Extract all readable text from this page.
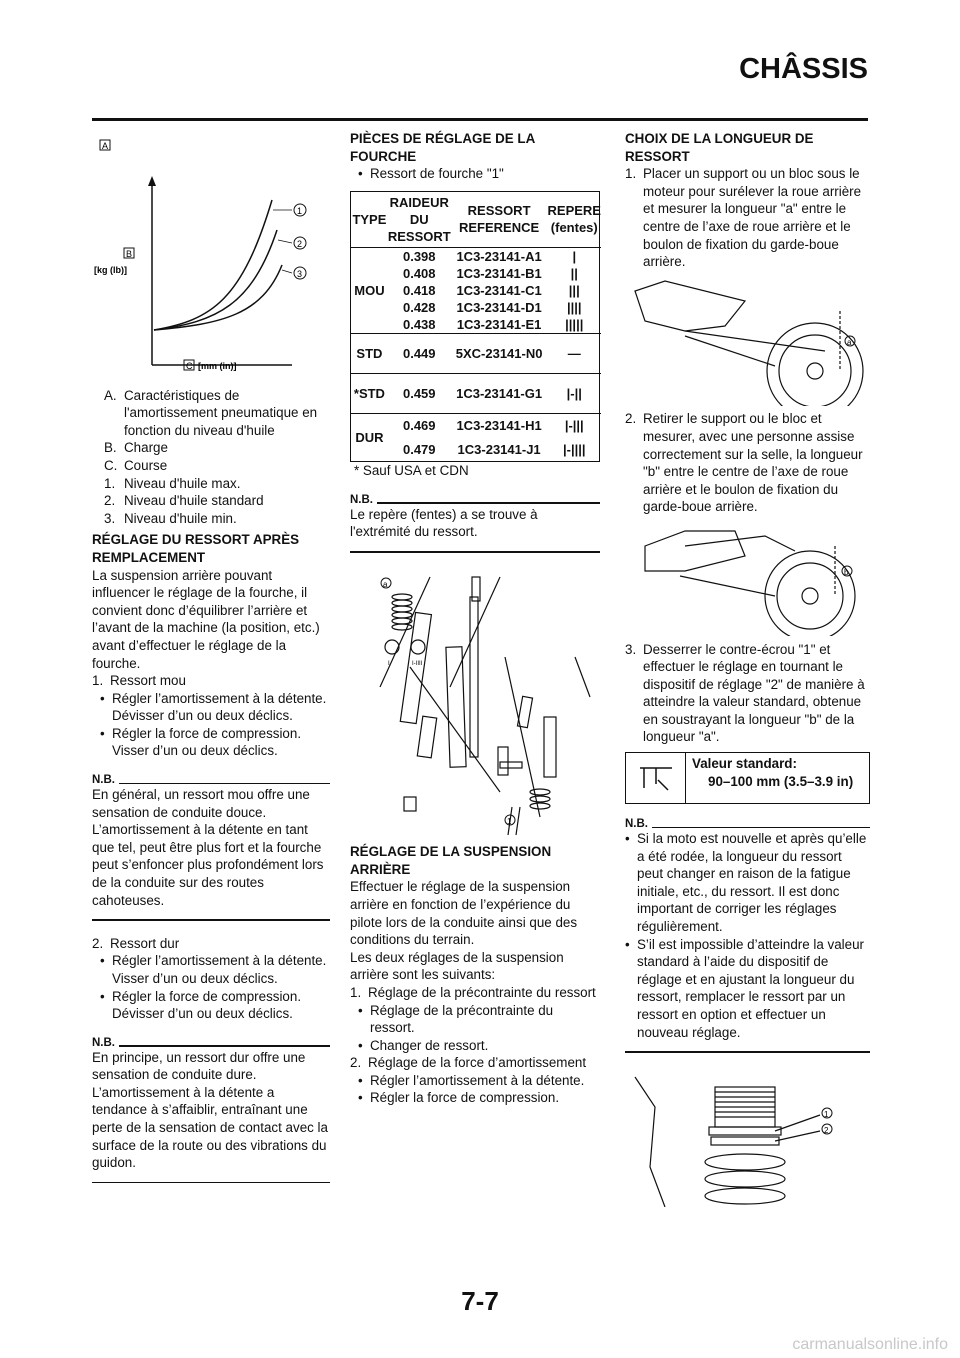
CHÂSSIS
A
B
[kg (lb)]
C [mm (in)]
1
2
3
A. Caractéristiques de l'amortissement pneumatique en fonction du niveau d'huile
B. Charge
C. Course
1. Niveau d'huile max.
2. Niveau d'huile standard
3. Niveau d'huile min.
RÉGLAGE DU RESSORT APRÈS REMPLACEMENT

La suspension arrière pouvant influencer le réglage de la fourche, il convient donc d’équilibrer l’arrière et l’avant de la machine (la position, etc.) avant d’effectuer le réglage de la fourche.

1. Ressort mou
• Régler l’amortissement à la détente.
Dévisser d’un ou deux déclics.
• Régler la force de compression.
Visser d’un ou deux déclics.
N.B.

En général, un ressort mou offre une sensation de conduite douce. L’amortissement à la détente en tant que tel, peut être plus fort et la fourche peut s’enfoncer plus profondément lors de la conduite sur des routes cahoteuses.

2. Ressort dur
• Régler l’amortissement à la détente.
Visser d’un ou deux déclics.
• Régler la force de compression.
Dévisser d’un ou deux déclics.
N.B.

En principe, un ressort dur offre une sensation de conduite dure. L’amortissement à la détente a tendance à s’affaiblir, entraînant une perte de la sensation de contact avec la surface de la route ou des vibrations du guidon.

PIÈCES DE RÉGLAGE DE LA FOURCHE
• Ressort de fourche "1"
TYPE	RAIDEUR DU RESSORT	RESSORT REFERENCE	REPERE (fentes)
MOU	0.398	1C3-23141-A1	|
	0.408	1C3-23141-B1	||
	0.418	1C3-23141-C1	|||
	0.428	1C3-23141-D1	||||
	0.438	1C3-23141-E1	|||||
STD	0.449	5XC-23141-N0	—
*STD	0.459	1C3-23141-G1	|-||
DUR	0.469	1C3-23141-H1	|-|||
	0.479	1C3-23141-J1	|-||||

* Sauf USA et CDN

N.B.

Le repère (fentes) a se trouve à l'extrémité du ressort.

a
I	I-IIII
1
RÉGLAGE DE LA SUSPENSION ARRIÈRE

Effectuer le réglage de la suspension arrière en fonction de l’expérience du pilote lors de la conduite ainsi que des conditions du terrain.

Les deux réglages de la suspension arrière sont les suivants:

1. Réglage de la précontrainte du ressort
• Réglage de la précontrainte du ressort.
• Changer de ressort.
2. Réglage de la force d’amortissement
• Régler l’amortissement à la détente.
• Régler la force de compression.
CHOIX DE LA LONGUEUR DE RESSORT
1. Placer un support ou un bloc sous le moteur pour surélever la roue arrière et mesurer la longueur "a" entre le centre de l’axe de roue arrière et le boulon de fixation du garde-boue arrière.
a
2. Retirer le support ou le bloc et mesurer, avec une personne assise correctement sur la selle, la longueur "b" entre le centre de l’axe de roue arrière et le boulon de fixation du garde-boue arrière.
b
3. Desserrer le contre-écrou "1" et effectuer le réglage en tournant le dispositif de réglage "2" de manière à atteindre la valeur standard, obtenue en soustrayant la longueur "b" de la longueur "a".
Valeur standard:
90–100 mm (3.5–3.9 in)
N.B.
• Si la moto est nouvelle et après qu’elle a été rodée, la longueur du ressort peut changer en raison de la fatigue initiale, etc., du ressort. Il est donc important de corriger les réglages régulièrement.
• S’il est impossible d’atteindre la valeur standard à l’aide du dispositif de réglage et en ajustant la longueur du ressort, remplacer le ressort par un ressort en option et effectuer un nouveau réglage.
1
2
7-7
carmanualsonline.info
